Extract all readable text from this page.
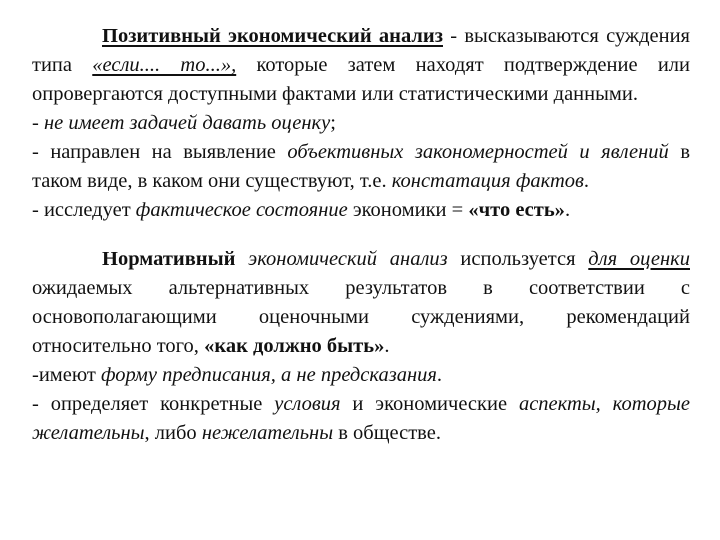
Позитивный экономический анализ - высказываются суждения типа «если.... то...», которые затем находят подтверждение или опровергаются доступными фактами или статистическими данными.

- не имеет задачей давать оценку;

- направлен на выявление объективных закономерностей и явлений в таком виде, в каком они существуют, т.е. констатация фактов.

- исследует фактическое состояние экономики = «что есть».

Нормативный экономический анализ используется для оценки ожидаемых альтернативных результатов в соответствии с основополагающими оценочными суждениями, рекомендаций относительно того, «как должно быть».

-имеют форму предписания, а не предсказания.

- определяет конкретные условия и экономические аспекты, которые желательны, либо нежелательны в обществе.
